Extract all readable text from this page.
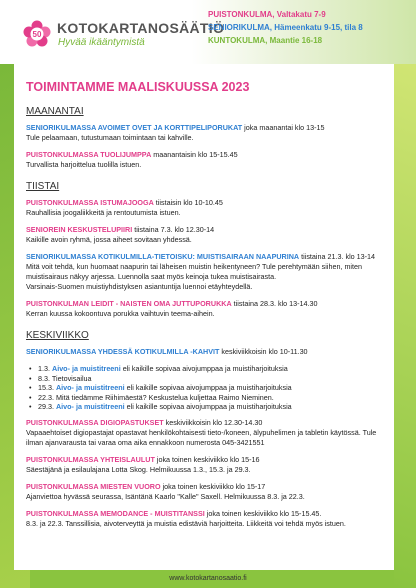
50 KOTOKARTANOSÄÄTIÖ
Hyvää ikääntymistä
PUISTONKULMA, Valtakatu 7-9
SENIORIKULMA, Hämeenkatu 9-15, tila 8
KUNTOKULMA, Maantie 16-18
TOIMINTAMME MAALISKUUSSA 2023
MAANANTAI
SENIORIKULMASSA AVOIMET OVET JA KORTTIPELIPORUKAT joka maanantai klo 13-15
Tule pelaamaan, tutustumaan toimintaan tai kahville.
PUISTONKULMASSA TUOLIJUMPPA maanantaisin klo 15-15.45
Turvallista harjoittelua tuolilla istuen.
TIISTAI
PUISTONKULMASSA ISTUMAJOOGA tiistaisin klo 10-10.45
Rauhallisia joogaliikkeitä ja rentoutumista istuen.
SENIOREIN KESKUSTELUPIIRI tiistaina 7.3. klo 12.30-14
Kaikille avoin ryhmä, jossa aiheet sovitaan yhdessä.
SENIORIKULMASSA KOTIKULMILLA-TIETOISKU: MUISTISAIRAAN NAAPURINA tiistaina 21.3. klo 13-14
Mitä voit tehdä, kun huomaat naapurin tai läheisen muistin heikentyneen? Tule perehtymään siihen, miten muistisairaus näkyy arjessa. Luennolla saat myös keinoja tukea muistisairasta.
Varsinais-Suomen muistiyhdistyksen asiantuntija luennoi etäyhteydellä.
PUISTONKULMAN LEIDIT - NAISTEN OMA JUTTUPORUKKA tiistaina 28.3. klo 13-14.30
Kerran kuussa kokoontuva porukka vaihtuvin teema-aihein.
KESKIVIIKKO
SENIORIKULMASSA YHDESSÄ KOTIKULMILLA -KAHVIT keskiviikkoisin klo 10-11.30
• 1.3. Aivo- ja muistitreeni eli kaikille sopivaa aivojumppaa ja muistiharjoituksia
• 8.3. Tietovisailua
• 15.3. Aivo- ja muistitreeni eli kaikille sopivaa aivojumppaa ja muistiharjoituksia
• 22.3. Mitä tiedämme Riihimäestä? Keskustelua kuljettaa Raimo Nieminen.
• 29.3. Aivo- ja muistitreeni eli kaikille sopivaa aivojumppaa ja muistiharjoituksia
PUISTONKULMASSA DIGIOPASTUKSET keskiviikkoisin klo 12.30-14.30
Vapaaehtoiset digiopastajat opastavat henkilökohtaisesti tieto-/koneen, älypuhelimen ja tabletin käytössä. Tule ilman ajanvarausta tai varaa oma aika ennakkoon numerosta 045-3421551
PUISTONKULMASSA YHTEISLAULUT joka toinen keskiviikko klo 15-16
Säestäjänä ja esilaulajana Lotta Skog. Helmikuussa 1.3., 15.3. ja 29.3.
PUISTONKULMASSA MIESTEN VUORO joka toinen keskiviikko klo 15-17
Ajanviettoa hyvässä seurassa, Isäntänä Kaarlo "Kalle" Saxell. Helmikuussa 8.3. ja 22.3.
PUISTONKULMASSA MEMODANCE - MUISTITANSSI joka toinen keskiviikko klo 15-15.45.
8.3. ja 22.3. Tanssillisia, aivoterveyttä ja muistia edistäviä harjoitteita. Liikkeitä voi tehdä myös istuen.
www.kotokartanosaatio.fi
